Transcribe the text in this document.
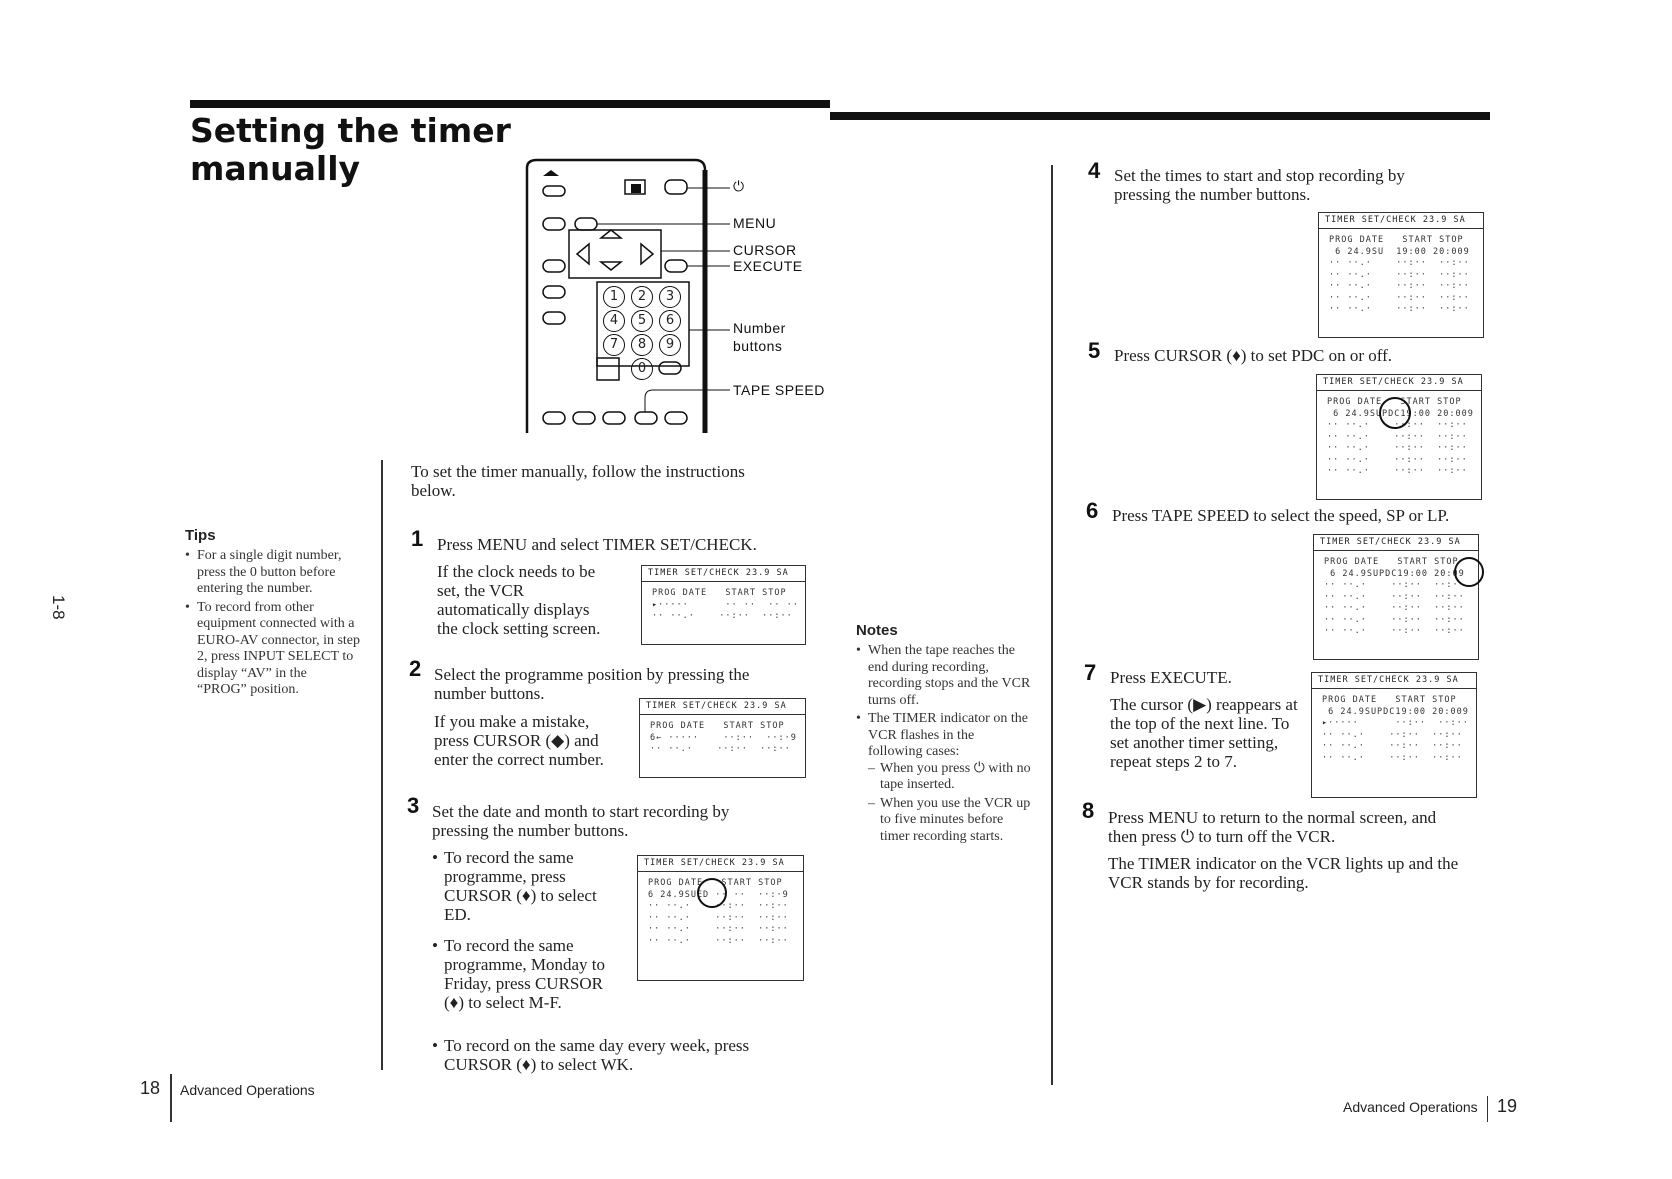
Setting the timer
manually
1-8
1	2	3
4	5	6
7	8	9
0
⏻
MENU
CURSOR
EXECUTE
Number
buttons
TAPE SPEED
To set the timer manually, follow the instructions below.
Tips
• For a single digit number, press the 0 button before entering the number.
• To record from other equipment connected with a EURO-AV connector, in step 2, press INPUT SELECT to display “AV” in the “PROG” position.
1 Press MENU and select TIMER SET/CHECK.
If the clock needs to be set, the VCR automatically displays the clock setting screen.
TIMER SET/CHECK 23.9 SA
PROG DATE   START STOP
▸·····      ·· ··  ·· ··
·· ··.·    ··:··  ··:··
2 Select the programme position by pressing the number buttons.
If you make a mistake, press CURSOR (◆) and enter the correct number.
TIMER SET/CHECK 23.9 SA
PROG DATE   START STOP
6← ·····    ··:··  ··:·9
·· ··.·    ··:··  ··:··
3 Set the date and month to start recording by pressing the number buttons.
• To record the same programme, press CURSOR (♦) to select ED.
• To record the same programme, Monday to Friday, press CURSOR (♦) to select M-F.
• To record on the same day every week, press CURSOR (♦) to select WK.
TIMER SET/CHECK 23.9 SA
PROG DATE   START STOP
6 24.9SUED ·· ··  ··:·9
·· ··.·    ··:··  ··:··
·· ··.·    ··:··  ··:··
·· ··.·    ··:··  ··:··
·· ··.·    ··:··  ··:··
Notes
• When the tape reaches the end during recording, recording stops and the VCR turns off.
• The TIMER indicator on the VCR flashes in the following cases:
– When you press ⏻ with no tape inserted.
– When you use the VCR up to five minutes before timer recording starts.
4 Set the times to start and stop recording by pressing the number buttons.
TIMER SET/CHECK 23.9 SA
PROG DATE   START STOP
6 24.9SU  19:00 20:009
·· ··.·    ··:··  ··:··
·· ··.·    ··:··  ··:··
·· ··.·    ··:··  ··:··
·· ··.·    ··:··  ··:··
·· ··.·    ··:··  ··:··
5 Press CURSOR (♦) to set PDC on or off.
TIMER SET/CHECK 23.9 SA
PROG DATE   START STOP
6 24.9SUPDC19:00 20:009
·· ··.·    ··:··  ··:··
·· ··.·    ··:··  ··:··
·· ··.·    ··:··  ··:··
·· ··.·    ··:··  ··:··
·· ··.·    ··:··  ··:··
6 Press TAPE SPEED to select the speed, SP or LP.
TIMER SET/CHECK 23.9 SA
PROG DATE   START STOP
6 24.9SUPDC19:00 20:09
·· ··.·    ··:··  ··:··
·· ··.·    ··:··  ··:··
·· ··.·    ··:··  ··:··
·· ··.·    ··:··  ··:··
·· ··.·    ··:··  ··:··
7 Press EXECUTE.
The cursor (▶) reappears at the top of the next line. To set another timer setting, repeat steps 2 to 7.
TIMER SET/CHECK 23.9 SA
PROG DATE   START STOP
6 24.9SUPDC19:00 20:009
▸·····      ··:··  ··:··
·· ··.·    ··:··  ··:··
·· ··.·    ··:··  ··:··
·· ··.·    ··:··  ··:··
8 Press MENU to return to the normal screen, and then press ⏻ to turn off the VCR.
The TIMER indicator on the VCR lights up and the VCR stands by for recording.
18 Advanced Operations
Advanced Operations 19
